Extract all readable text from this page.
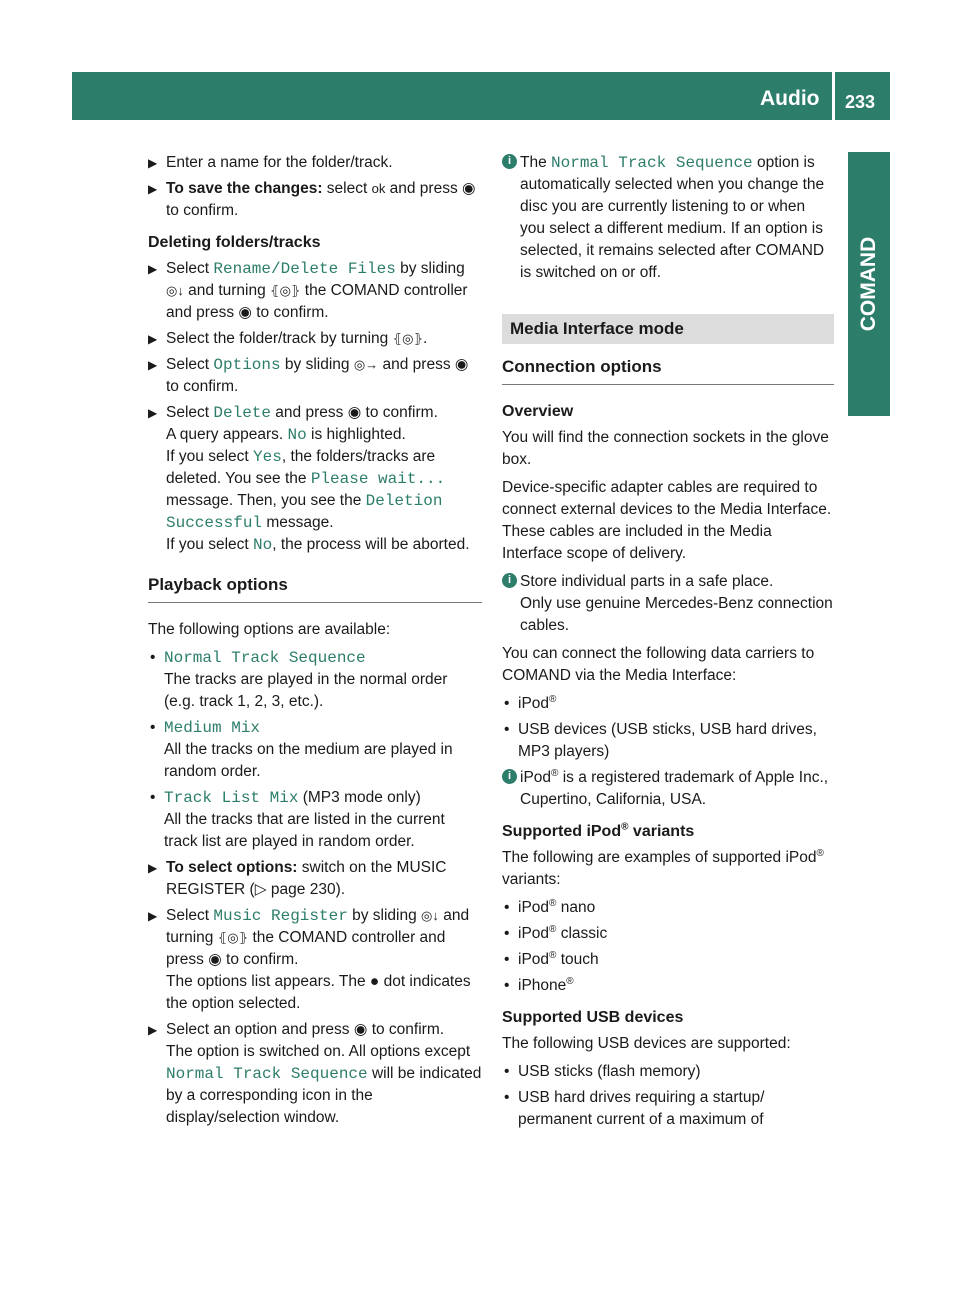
Audio 233
COMAND
▶ Enter a name for the folder/track.
▶ To save the changes: select ok and press ◉ to confirm.
Deleting folders/tracks
▶ Select Rename/Delete Files by sliding ◎↓ and turning ⦃◎⦄ the COMAND controller and press ◉ to confirm.
▶ Select the folder/track by turning ⦃◎⦄.
▶ Select Options by sliding ◎→ and press ◉ to confirm.
▶ Select Delete and press ◉ to confirm.

A query appears. No is highlighted.

If you select Yes, the folders/tracks are deleted. You see the Please wait... message. Then, you see the Deletion Successful message.

If you select No, the process will be aborted.

Playback options

The following options are available:

• Normal Track Sequence

The tracks are played in the normal order (e.g. track 1, 2, 3, etc.).

• Medium Mix

All the tracks on the medium are played in random order.

• Track List Mix (MP3 mode only)

All the tracks that are listed in the current track list are played in random order.

▶ To select options: switch on the MUSIC REGISTER (▷ page 230).
▶ Select Music Register by sliding ◎↓ and turning ⦃◎⦄ the COMAND controller and press ◉ to confirm.

The options list appears. The ● dot indicates the option selected.

▶ Select an option and press ◉ to confirm.

The option is switched on. All options except Normal Track Sequence will be indicated by a corresponding icon in the display/selection window.

i The Normal Track Sequence option is automatically selected when you change the disc you are currently listening to or when you select a different medium. If an option is selected, it remains selected after COMAND is switched on or off.
Media Interface mode
Connection options
Overview

You will find the connection sockets in the glove box.

Device-specific adapter cables are required to connect external devices to the Media Interface. These cables are included in the Media Interface scope of delivery.

i Store individual parts in a safe place.

Only use genuine Mercedes-Benz connection cables.

You can connect the following data carriers to COMAND via the Media Interface:

• iPod®
• USB devices (USB sticks, USB hard drives, MP3 players)
i iPod® is a registered trademark of Apple Inc., Cupertino, California, USA.
Supported iPod® variants

The following are examples of supported iPod® variants:

• iPod® nano
• iPod® classic
• iPod® touch
• iPhone®
Supported USB devices

The following USB devices are supported:

• USB sticks (flash memory)
• USB hard drives requiring a startup/ permanent current of a maximum of
